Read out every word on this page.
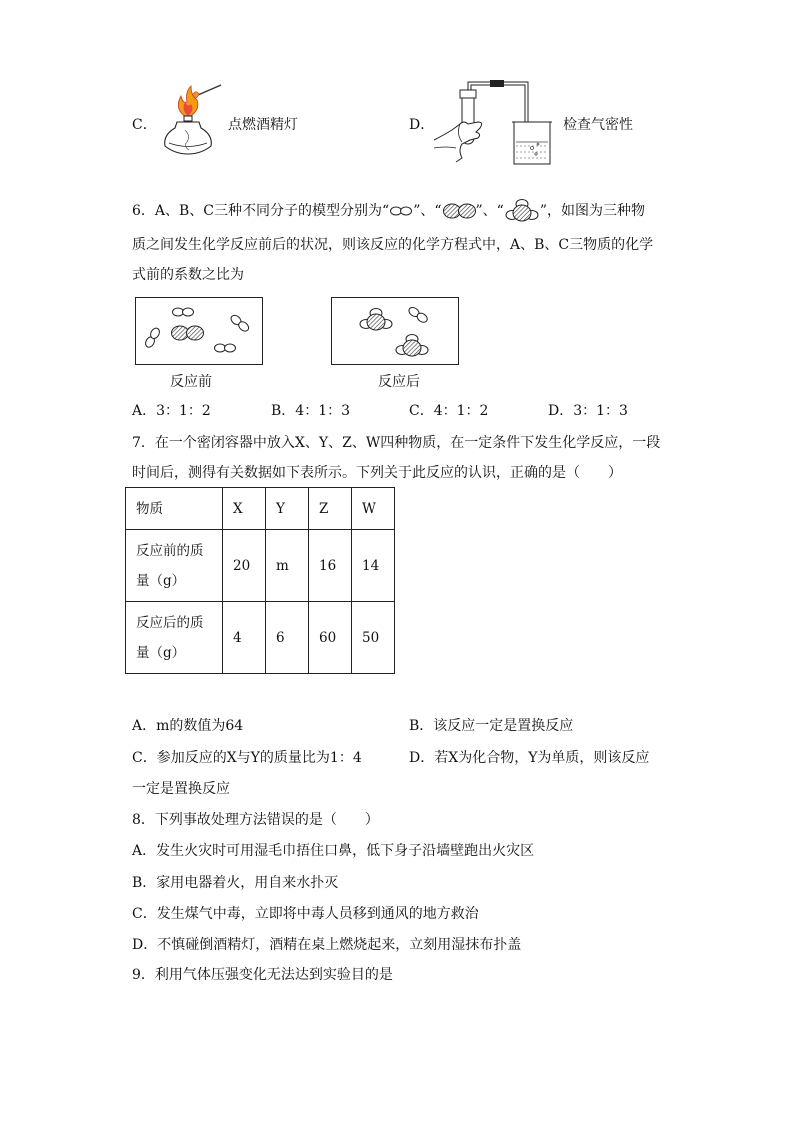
C．	点燃酒精灯	D．	检查气密性
6．A、B、C三种不同分子的模型分别为“ ”、“ ”、“	”，如图为三种物
质之间发生化学反应前后的状况，则该反应的化学方程式中，A、B、C三物质的化学
式前的系数之比为
反应前	反应后
A．3：1：2	B．4：1：3	C．4：1：2	D．3：1：3
7．在一个密闭容器中放入X、Y、Z、W四种物质，在一定条件下发生化学反应，一段
时间后，测得有关数据如下表所示。下列关于此反应的认识，正确的是（　　）
物质	X	Y	Z	W

反应前的质
量（g）	20	m	16	14

反应后的质
量（g）	4	6	60	50
A．m的数值为64	B．该反应一定是置换反应
C．参加反应的X与Y的质量比为1：4	D．若X为化合物，Y为单质，则该反应
一定是置换反应
8．下列事故处理方法错误的是（　　）
A．发生火灾时可用湿毛巾捂住口鼻，低下身子沿墙壁跑出火灾区
B．家用电器着火，用自来水扑灭
C．发生煤气中毒，立即将中毒人员移到通风的地方救治
D．不慎碰倒酒精灯，酒精在桌上燃烧起来，立刻用湿抹布扑盖
9．利用气体压强变化无法达到实验目的是
